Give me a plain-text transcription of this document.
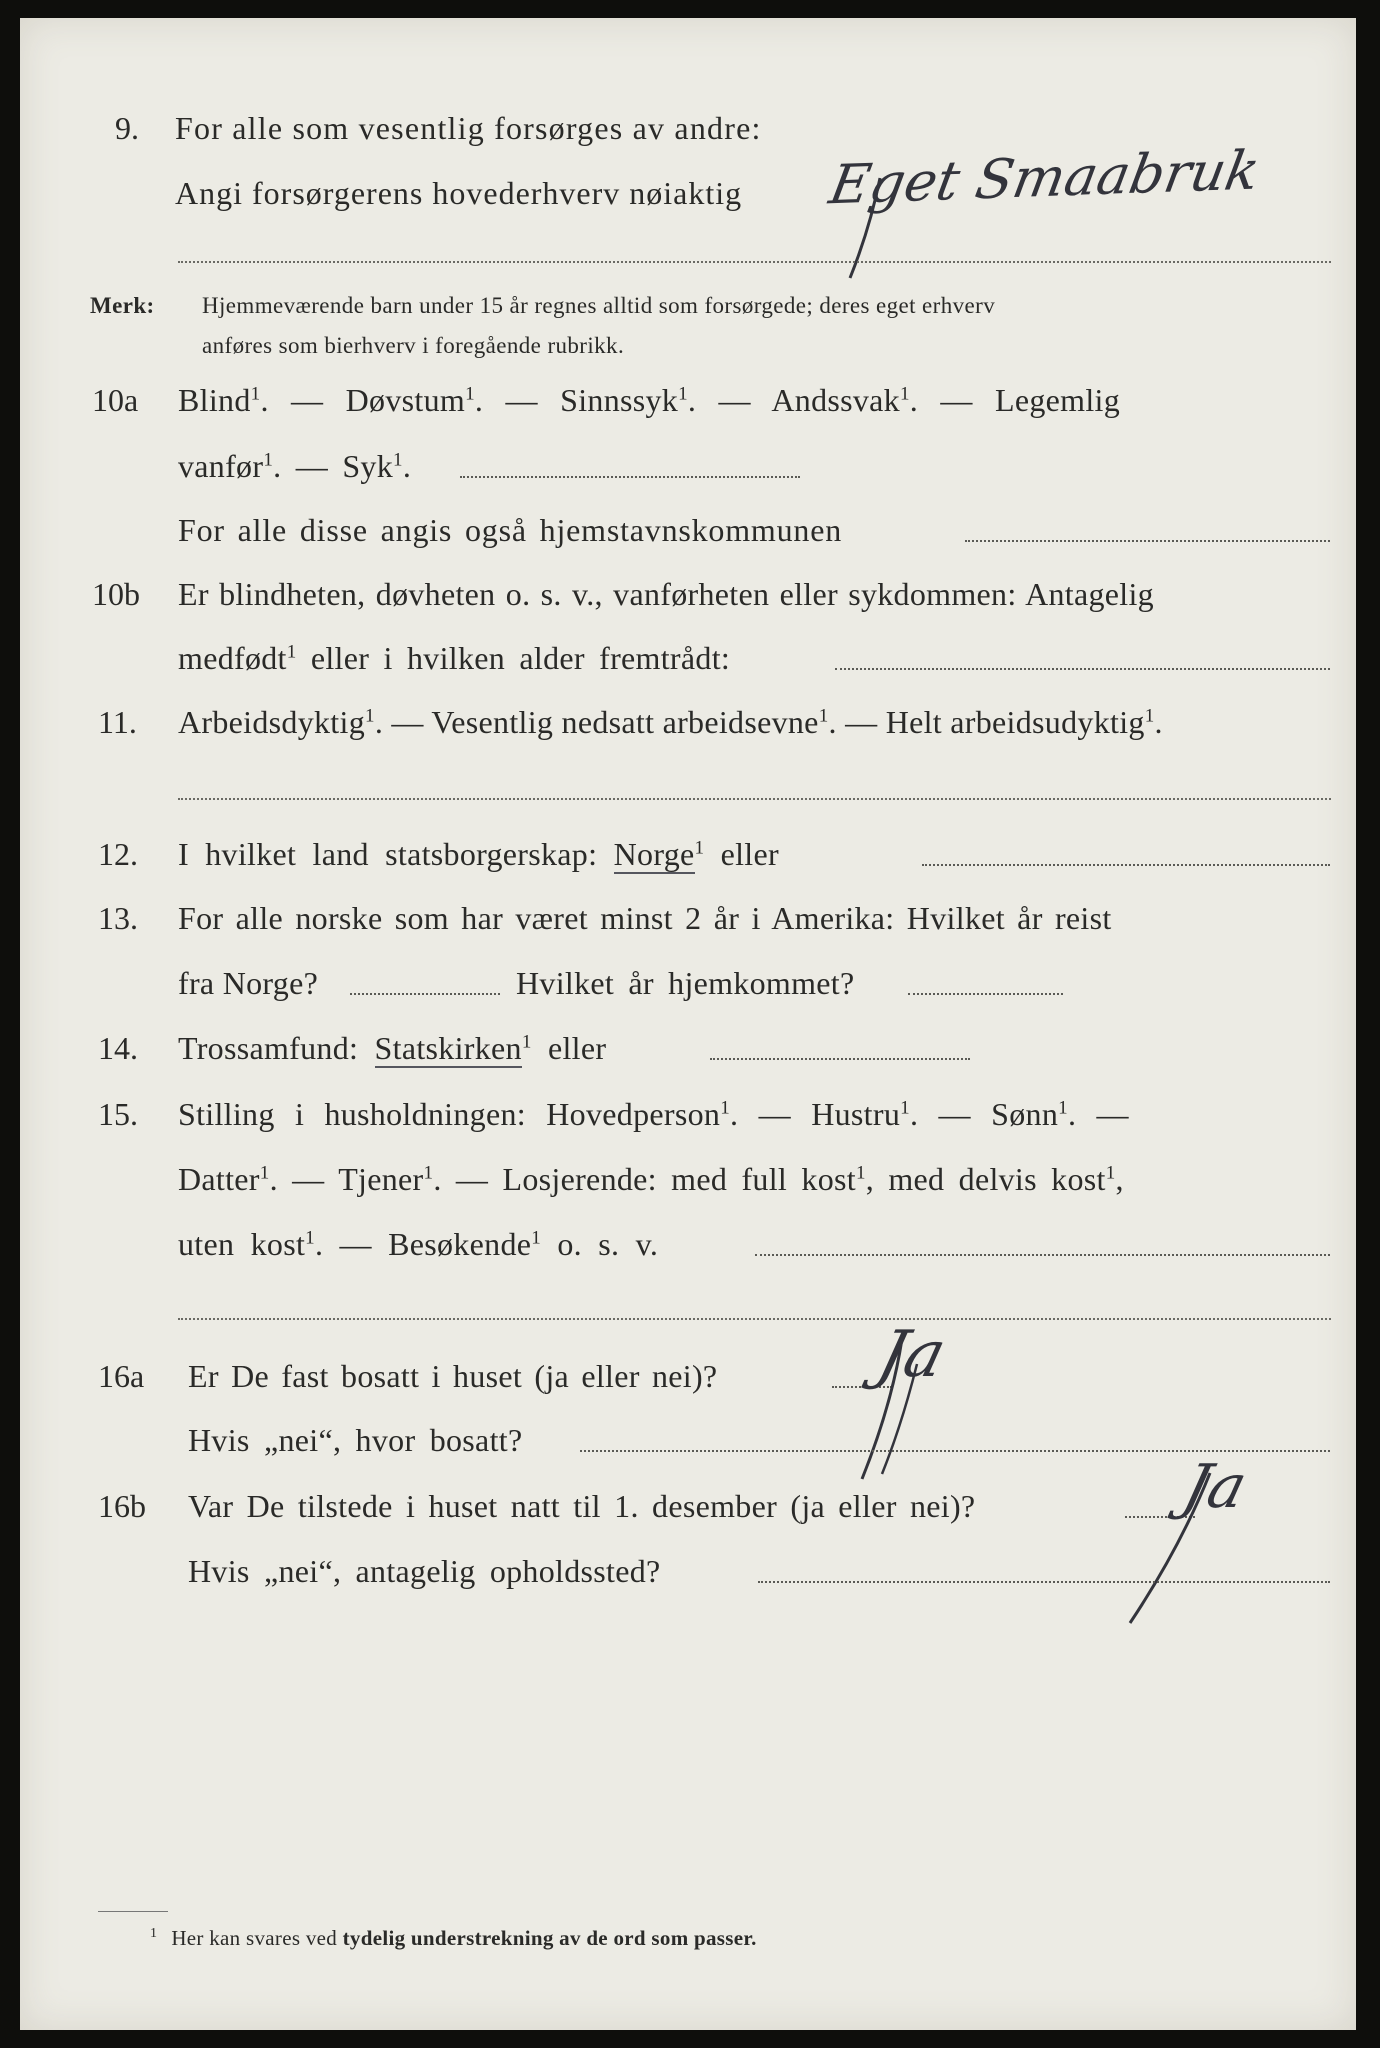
9. For alle som vesentlig forsørges av andre:
Angi forsørgerens hovederhverv nøiaktig Eget Smaabruk
Merk: Hjemmeværende barn under 15 år regnes alltid som forsørgede; deres eget erhverv
anføres som bierhverv i foregående rubrikk.
10a Blind$^1$. — Døvstum$^1$. — Sinnssyk$^1$. — Andssvak$^1$. — Legemlig
vanfør$^1$. — Syk$^1$.
For alle disse angis også hjemstavnskommunen
10b Er blindheten, døvheten o. s. v., vanførheten eller sykdommen: Antagelig
medfødt$^1$ eller i hvilken alder fremtrådt:
11. Arbeidsdyktig$^1$. — Vesentlig nedsatt arbeidsevne$^1$. — Helt arbeidsudyktig$^1$.
12. I hvilket land statsborgerskap: Norge$^1$ eller
13. For alle norske som har været minst 2 år i Amerika: Hvilket år reist
fra Norge?	Hvilket år hjemkommet?
14. Trossamfund: Statskirken$^1$ eller
15. Stilling i husholdningen: Hovedperson$^1$. — Hustru$^1$. — Sønn$^1$. —
Datter$^1$. — Tjener$^1$. — Losjerende: med full kost$^1$, med delvis kost$^1$,
uten kost$^1$. — Besøkende$^1$ o. s. v.
16a Er De fast bosatt i huset (ja eller nei)? Ja
Hvis „nei“, hvor bosatt?
16b Var De tilstede i huset natt til 1. desember (ja eller nei)?	Ja
Hvis „nei“, antagelig opholdssted?
$^1$ Her kan svares ved tydelig understrekning av de ord som passer.
